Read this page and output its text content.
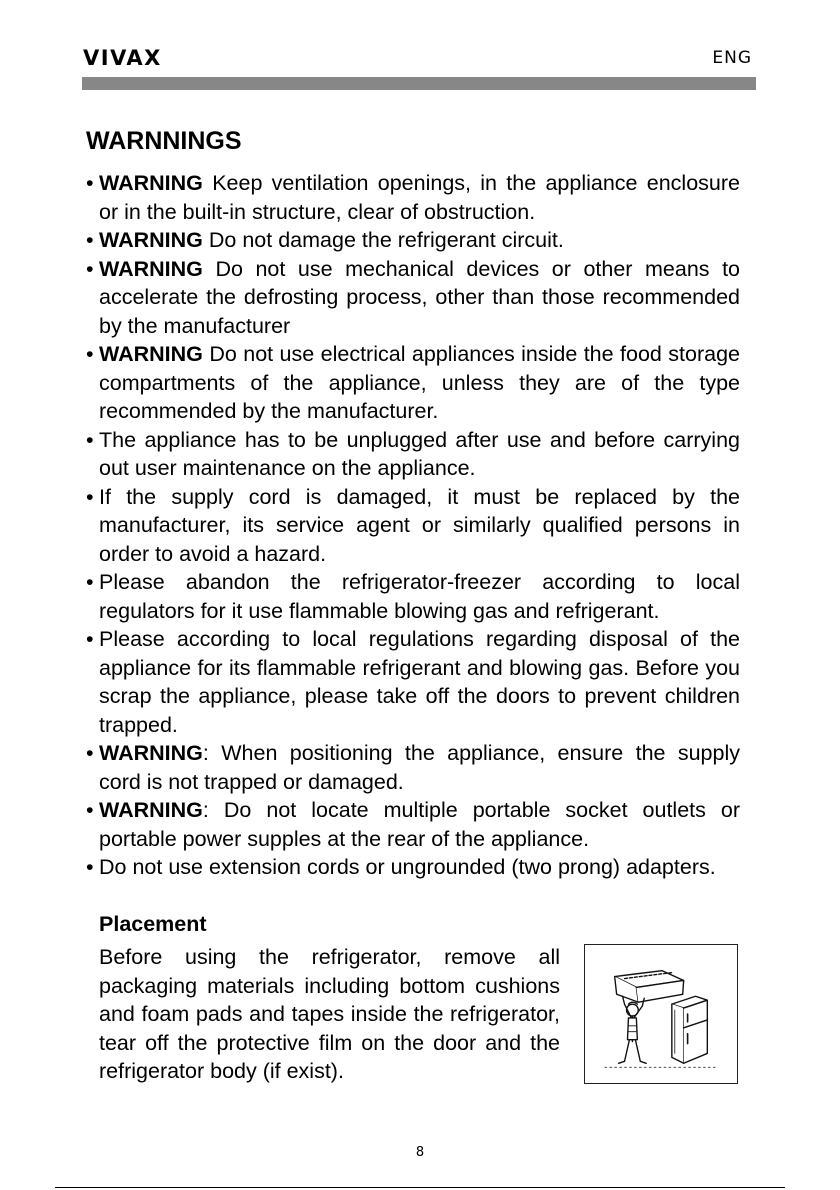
VIVAX	ENG
WARNNINGS
• WARNING Keep ventilation openings, in the appliance enclosure or in the built-in structure, clear of obstruction.
• WARNING Do not damage the refrigerant circuit.
• WARNING Do not use mechanical devices or other means to accelerate the defrosting process, other than those recommended by the manufacturer
• WARNING Do not use electrical appliances inside the food storage compartments of the appliance, unless they are of the type recommended by the manufacturer.
• The appliance has to be unplugged after use and before carrying out user maintenance on the appliance.
• If the supply cord is damaged, it must be replaced by the manufacturer, its service agent or similarly qualified persons in order to avoid a hazard.
• Please abandon the refrigerator-freezer according to local regulators for it use flammable blowing gas and refrigerant.
• Please according to local regulations regarding disposal of the appliance for its flammable refrigerant and blowing gas. Before you scrap the appliance, please take off the doors to prevent children trapped.
• WARNING: When positioning the appliance, ensure the supply cord is not trapped or damaged.
• WARNING: Do not locate multiple portable socket outlets or portable power supples at the rear of the appliance.
• Do not use extension cords or ungrounded (two prong) adapters.
Placement

Before using the refrigerator, remove all packaging materials including bottom cushions and foam pads and tapes inside the refrigerator, tear off the protective film on the door and the refrigerator body (if exist).

8
